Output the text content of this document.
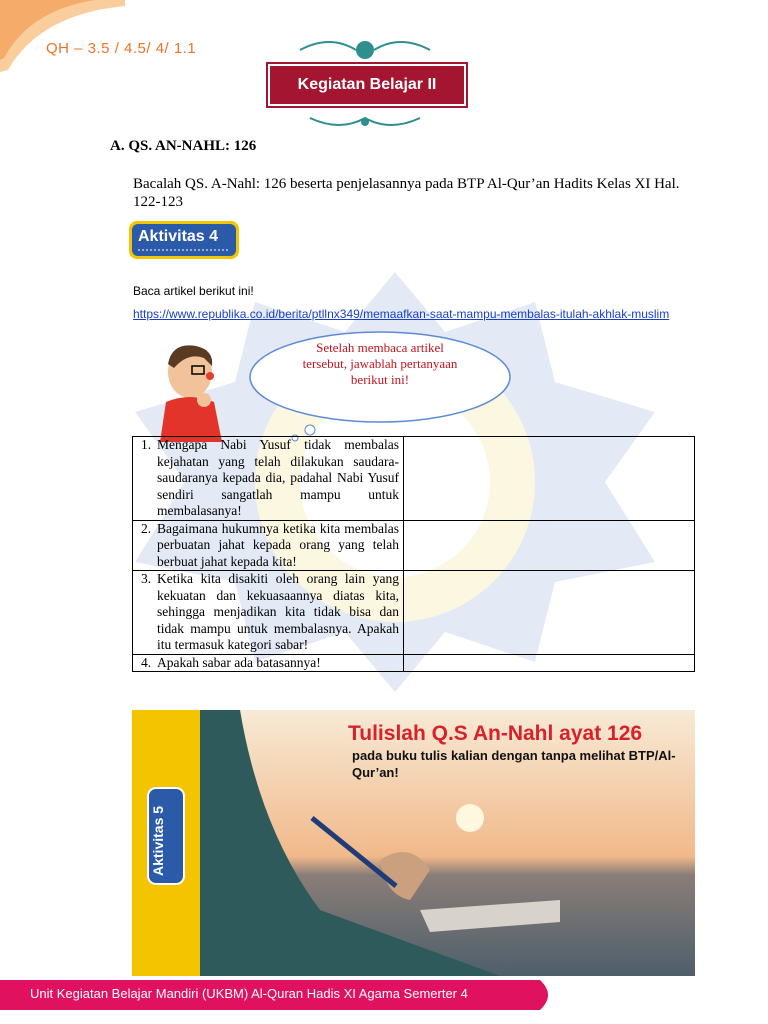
QH – 3.5 / 4.5/ 4/ 1.1
Kegiatan Belajar II
A. QS. AN-NAHL: 126
Bacalah QS. A-Nahl: 126 beserta penjelasannya pada BTP Al-Qur’an Hadits Kelas XI Hal. 122-123
Aktivitas 4
Baca artikel berikut ini!
https://www.republika.co.id/berita/ptllnx349/memaafkan-saat-mampu-membalas-itulah-akhlak-muslim
Setelah membaca artikel tersebut, jawablah pertanyaan berikut ini!
1. Mengapa Nabi Yusuf tidak membalas kejahatan yang telah dilakukan saudara-saudaranya kepada dia, padahal Nabi Yusuf sendiri sangatlah mampu untuk membalasanya!	

2. Bagaimana hukumnya ketika kita membalas perbuatan jahat kepada orang yang telah berbuat jahat kepada kita!	

3. Ketika kita disakiti oleh orang lain yang kekuatan dan kekuasaannya diatas kita, sehingga menjadikan kita tidak bisa dan tidak mampu untuk membalasnya. Apakah itu termasuk kategori sabar!	

4. Apakah sabar ada batasannya!	

Aktivitas 5
Tulislah Q.S An-Nahl ayat 126
pada buku tulis kalian dengan tanpa melihat BTP/Al-Qur’an!
Unit Kegiatan Belajar Mandiri (UKBM) Al-Quran Hadis XI Agama Semerter 4
